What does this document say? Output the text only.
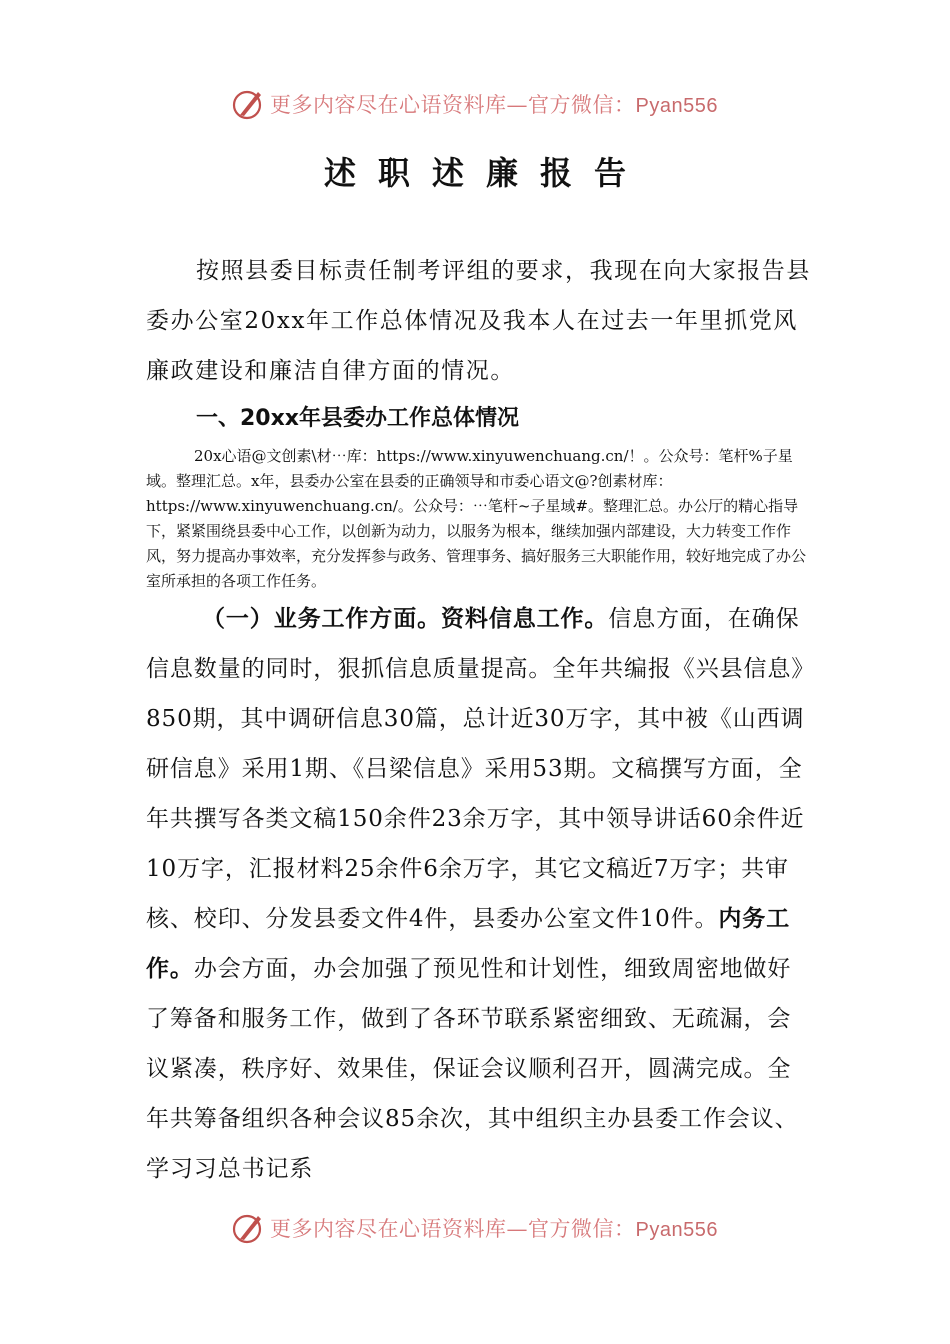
更多内容尽在心语资料库—官方微信：Pyan556
述职述廉报告

按照县委目标责任制考评组的要求，我现在向大家报告县委办公室20xx年工作总体情况及我本人在过去一年里抓党风廉政建设和廉洁自律方面的情况。

一、20xx年县委办工作总体情况

20x心语@文创素\材⋯库：https://www.xinyuwenchuang.cn/！。公众号：笔杆%子星域。整理汇总。x年，县委办公室在县委的正确领导和市委心语文@?创素材库：https://www.xinyuwenchuang.cn/。公众号：⋯笔杆~子星域#。整理汇总。办公厅的精心指导下，紧紧围绕县委中心工作，以创新为动力，以服务为根本，继续加强内部建设，大力转变工作作风，努力提高办事效率，充分发挥参与政务、管理事务、搞好服务三大职能作用，较好地完成了办公室所承担的各项工作任务。

（一）业务工作方面。资料信息工作。信息方面，在确保信息数量的同时，狠抓信息质量提高。全年共编报《兴县信息》850期，其中调研信息30篇，总计近30万字，其中被《山西调研信息》采用1期、《吕梁信息》采用53期。文稿撰写方面，全年共撰写各类文稿150余件23余万字，其中领导讲话60余件近10万字，汇报材料25余件6余万字，其它文稿近7万字；共审核、校印、分发县委文件4件，县委办公室文件10件。内务工作。办会方面，办会加强了预见性和计划性，细致周密地做好了筹备和服务工作，做到了各环节联系紧密细致、无疏漏，会议紧凑，秩序好、效果佳，保证会议顺利召开，圆满完成。全年共筹备组织各种会议85余次，其中组织主办县委工作会议、学习习总书记系

更多内容尽在心语资料库—官方微信：Pyan556
